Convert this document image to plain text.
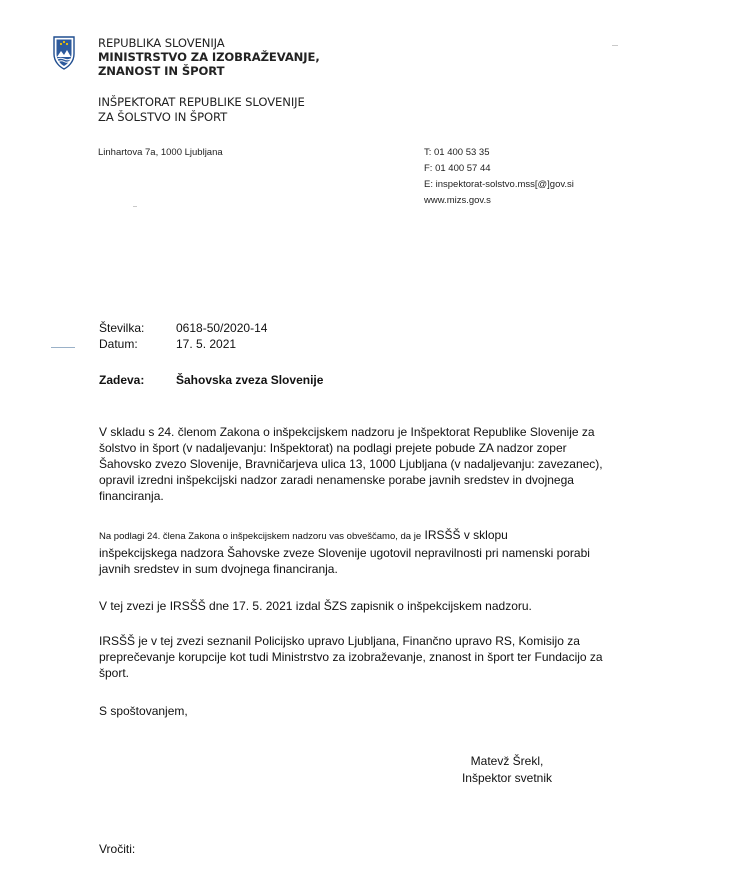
REPUBLIKA SLOVENIJA
MINISTRSTVO ZA IZOBRAŽEVANJE,
ZNANOST IN ŠPORT
INŠPEKTORAT REPUBLIKE SLOVENIJE
ZA ŠOLSTVO IN ŠPORT
Linhartova 7a, 1000 Ljubljana	T: 01 400 53 35
F: 01 400 57 44
E: inspektorat-solstvo.mss[@]gov.si
www.mizs.gov.s
Številka:	0618-50/2020-14
Datum:	17. 5. 2021
Zadeva:	Šahovska zveza Slovenije
V skladu s 24. členom Zakona o inšpekcijskem nadzoru je Inšpektorat Republike Slovenije za
šolstvo in šport (v nadaljevanju: Inšpektorat) na podlagi prejete pobude ZA nadzor zoper
Šahovsko zvezo Slovenije, Bravničarjeva ulica 13, 1000 Ljubljana (v nadaljevanju: zavezanec),
opravil izredni inšpekcijski nadzor zaradi nenamenske porabe javnih sredstev in dvojnega
financiranja.
Na podlagi 24. člena Zakona o inšpekcijskem nadzoru vas obveščamo, da je IRSŠŠ v sklopu
inšpekcijskega nadzora Šahovske zveze Slovenije ugotovil nepravilnosti pri namenski porabi
javnih sredstev in sum dvojnega financiranja.
V tej zvezi je IRSŠŠ dne 17. 5. 2021 izdal ŠZS zapisnik o inšpekcijskem nadzoru.
IRSŠŠ je v tej zvezi seznanil Policijsko upravo Ljubljana, Finančno upravo RS, Komisijo za
preprečevanje korupcije kot tudi Ministrstvo za izobraževanje, znanost in šport ter Fundacijo za
šport.
S spoštovanjem,
Matevž Šrekl,
Inšpektor svetnik
Vročiti:
